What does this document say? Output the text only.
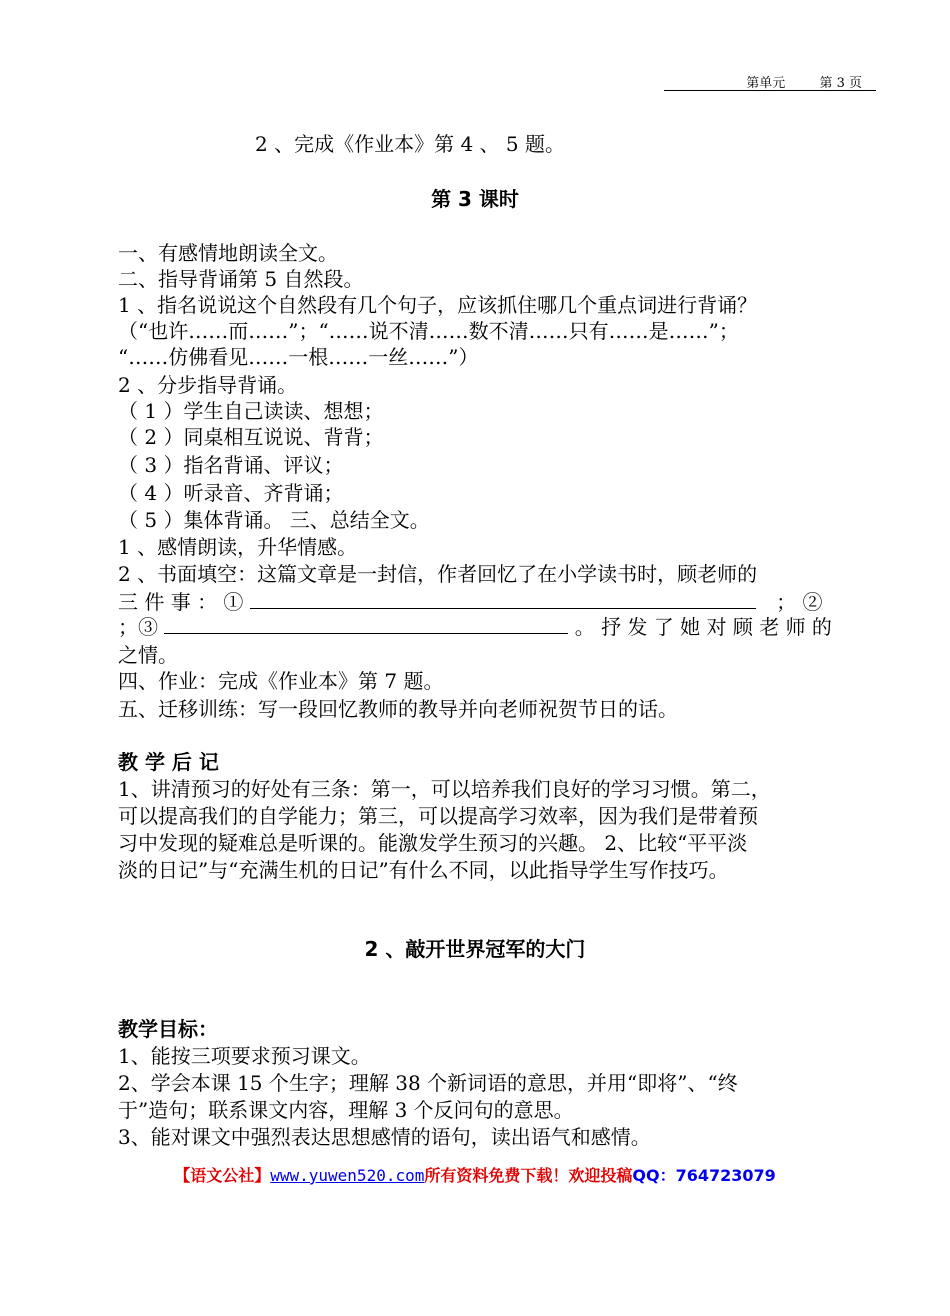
第单元	第 3 页
2 、完成《作业本》第 4 、 5 题。
第 3 课时
一、有感情地朗读全文。
二、指导背诵第 5 自然段。
1 、指名说说这个自然段有几个句子，应该抓住哪几个重点词进行背诵？
（“也许……而……”；“……说不清……数不清……只有……是……”；
“……仿佛看见……一根……一丝……”）
2 、分步指导背诵。
（ 1 ）学生自己读读、想想；
（ 2 ）同桌相互说说、背背；
（ 3 ）指名背诵、评议；
（ 4 ）听录音、齐背诵；
（ 5 ）集体背诵。 三、总结全文。
1 、感情朗读，升华情感。
2 、书面填空：这篇文章是一封信，作者回忆了在小学读书时，顾老师的
三 件 事 ： ①	； ②
；③	。 抒 发 了 她 对 顾 老 师 的
之情。
四、作业：完成《作业本》第 7 题。
五、迁移训练：写一段回忆教师的教导并向老师祝贺节日的话。
教 学 后 记
1、讲清预习的好处有三条：第一，可以培养我们良好的学习习惯。第二，
可以提高我们的自学能力；第三，可以提高学习效率，因为我们是带着预
习中发现的疑难总是听课的。能激发学生预习的兴趣。 2、比较“平平淡
淡的日记”与“充满生机的日记”有什么不同，以此指导学生写作技巧。
2 、敲开世界冠军的大门
教学目标：
1、能按三项要求预习课文。
2、学会本课 15 个生字；理解 38 个新词语的意思，并用“即将”、“终
于”造句；联系课文内容，理解 3 个反问句的意思。
3、能对课文中强烈表达思想感情的语句，读出语气和感情。
【语文公社】www.yuwen520.com所有资料免费下载！欢迎投稿QQ：764723079
